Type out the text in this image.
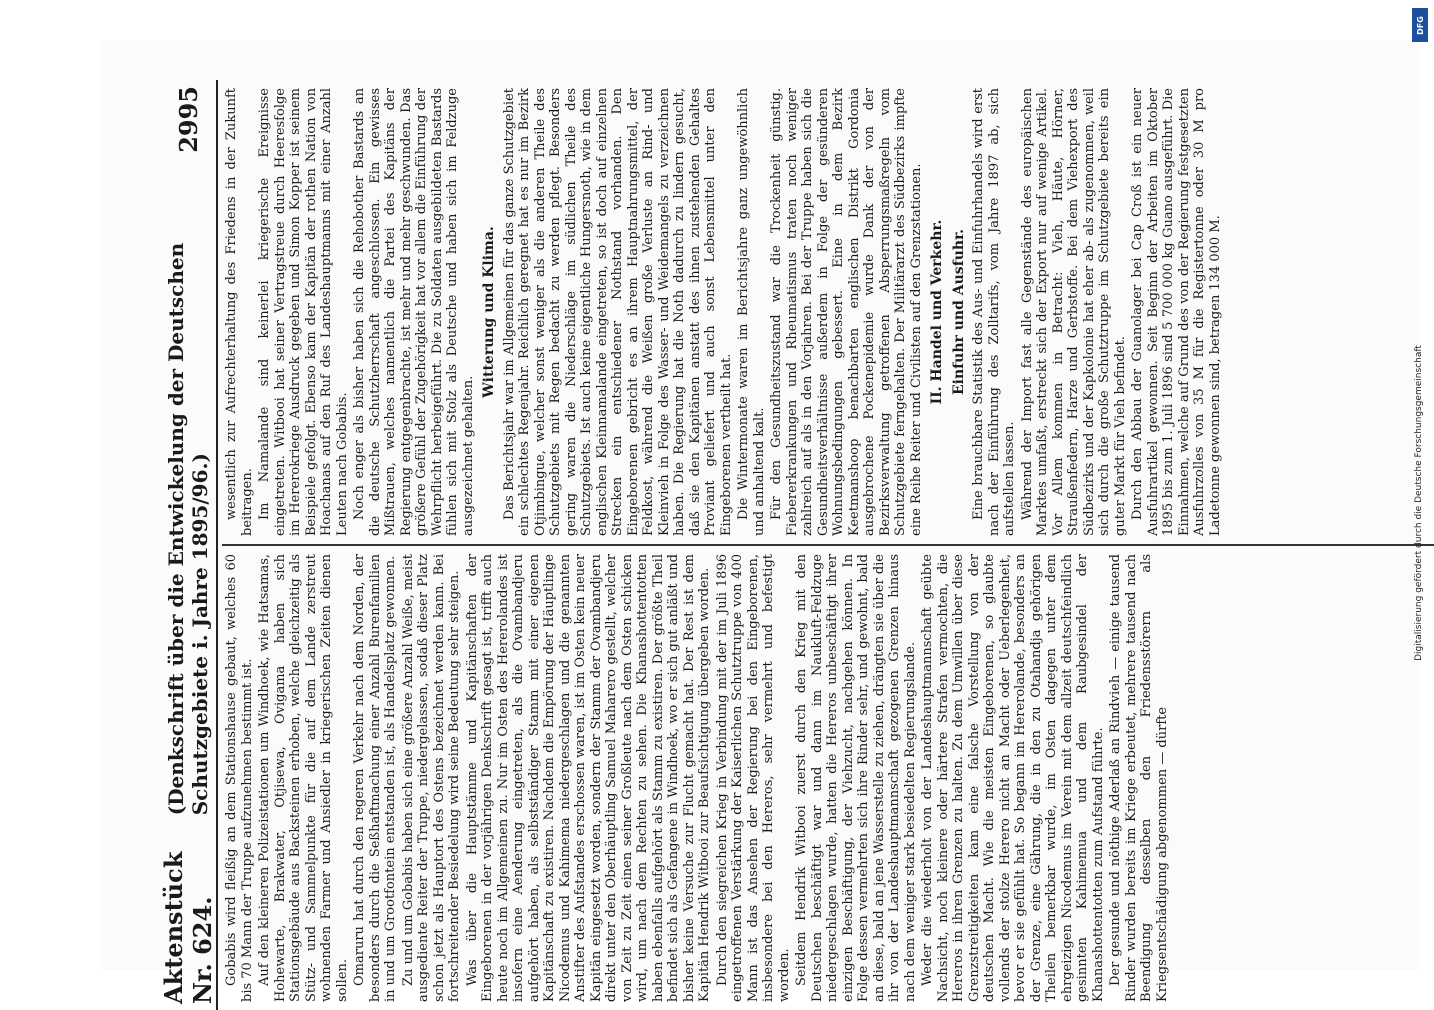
Aktenstück Nr. 624.
(Denkschrift über die Entwickelung der Deutschen Schutzgebiete i. Jahre 1895/96.)
2995

Gobabis wird fleißig an dem Stationshause gebaut, welches 60 bis 70 Mann der Truppe aufzunehmen bestimmt ist. Auf den kleineren Polizeistationen um Windhoek, wie Hatsamas, Hohewarte, Brakwater, Otjisewa, Ovigama haben sich Stationsgebäude aus Backsteinen erhoben, welche gleichzeitig als Stütz- und Sammelpunkte für die auf dem Lande zerstreut wohnenden Farmer und Ansiedler in kriegerischen Zeiten dienen sollen. Omaruru hat durch den regeren Verkehr nach dem Norden, der besonders durch die Seßhaftmachung einer Anzahl Burenfamilien in und um Grootfontein entstanden ist, als Handelsplatz gewonnen. Zu und um Gobabis haben sich eine größere Anzahl Weiße, meist ausgediente Reiter der Truppe, niedergelassen, sodaß dieser Platz schon jetzt als Hauptort des Ostens bezeichnet werden kann. Bei fortschreitender Besiedelung wird seine Bedeutung sehr steigen. Was über die Hauptstämme und Kapitänschaften der Eingeborenen in der vorjährigen Denkschrift gesagt ist, trifft auch heute noch im Allgemeinen zu. Nur im Osten des Hererolandes ist insofern eine Aenderung eingetreten, als die Ovambandjeru aufgehört haben, als selbstständiger Stamm mit einer eigenen Kapitänschaft zu existiren. Nachdem die Empörung der Häuptlinge Nicodemus und Kahimema niedergeschlagen und die genannten Anstifter des Aufstandes erschossen waren, ist im Osten kein neuer Kapitän eingesetzt worden, sondern der Stamm der Ovambandjeru direkt unter den Oberhäuptling Samuel Maharero gestellt, welcher von Zeit zu Zeit einen seiner Großleute nach dem Osten schicken wird, um nach dem Rechten zu sehen. Die Khanashottentotten haben ebenfalls aufgehört als Stamm zu existiren. Der größte Theil befindet sich als Gefangene in Windhoek, wo er sich gut anläßt und bisher keine Versuche zur Flucht gemacht hat. Der Rest ist dem Kapitän Hendrik Witbooi zur Beaufsichtigung übergeben worden. Durch den siegreichen Krieg in Verbindung mit der im Juli 1896 eingetroffenen Verstärkung der Kaiserlichen Schutztruppe von 400 Mann ist das Ansehen der Regierung bei den Eingeborenen, insbesondere bei den Hereros, sehr vermehrt und befestigt worden. Seitdem Hendrik Witbooi zuerst durch den Krieg mit den Deutschen beschäftigt war und dann im Naukluft-Feldzuge niedergeschlagen wurde, hatten die Hereros unbeschäftigt ihrer einzigen Beschäftigung, der Viehzucht, nachgehen können. In Folge dessen vermehrten sich ihre Rinder sehr, und gewohnt, bald an diese, bald an jene Wasserstelle zu ziehen, drängten sie über die ihr von der Landeshauptmannschaft gezogenen Grenzen hinaus nach dem weniger stark besiedelten Regierungslande. Weder die wiederholt von der Landeshauptmannschaft geübte Nachsicht, noch kleinere oder härtere Strafen vermochten, die Hereros in ihren Grenzen zu halten. Zu dem Umwillen über diese Grenzstreitigkeiten kam eine falsche Vorstellung von der deutschen Macht. Wie die meisten Eingeborenen, so glaubte vollends der stolze Herero nicht an Macht oder Ueberlegenheit, bevor er sie gefühlt hat. So begann im Hererolande, besonders an der Grenze, eine Gährung, die in den zu Otahandja gehörigen Theilen bemerkbar wurde, im Osten dagegen unter dem ehrgeizigen Nicodemus im Verein mit dem allzeit deutschfeindlich gesinnten Kahimemua und dem Raubgesindel der Khanashottentotten zum Aufstand führte. Der gesunde und nöthige Aderlaß an Rindvieh — einige tausend Rinder wurden bereits im Kriege erbeutet, mehrere tausend nach Beendigung desselben den Friedensstörern als Kriegsentschädigung abgenommen — dürfte

wesentlich zur Aufrechterhaltung des Friedens in der Zukunft beitragen. Im Namalande sind keinerlei kriegerische Ereignisse eingetreten. Witbooi hat seiner Vertragstreue durch Heeresfolge im Hererokriege Ausdruck gegeben und Simon Kopper ist seinem Beispiele gefolgt. Ebenso kam der Kapitän der rothen Nation von Hoachanas auf den Ruf des Landeshauptmanns mit einer Anzahl Leuten nach Gobabis. Noch enger als bisher haben sich die Rehobother Bastards an die deutsche Schutzherrschaft angeschlossen. Ein gewisses Mißtrauen, welches namentlich die Partei des Kapitäns der Regierung entgegenbrachte, ist mehr und mehr geschwunden. Das größere Gefühl der Zugehörigkeit hat vor allem die Einführung der Wehrpflicht herbeigeführt. Die zu Soldaten ausgebildeten Bastards fühlen sich mit Stolz als Deutsche und haben sich im Feldzuge ausgezeichnet gehalten.

Witterung und Klima. Das Berichtsjahr war im Allgemeinen für das ganze Schutzgebiet ein schlechtes Regenjahr. Reichlich geregnet hat es nur im Bezirk Otjimbingue, welcher sonst weniger als die anderen Theile des Schutzgebiets mit Regen bedacht zu werden pflegt. Besonders gering waren die Niederschläge im südlichen Theile des Schutzgebiets. Ist auch keine eigentliche Hungersnoth, wie in dem englischen Kleinnamalande eingetreten, so ist doch auf einzelnen Strecken ein entschiedener Nothstand vorhanden. Den Eingeborenen gebricht es an ihrem Hauptnahrungsmittel, der Feldkost, während die Weißen große Verluste an Rind- und Kleinvieh in Folge des Wasser- und Weidemangels zu verzeichnen haben. Die Regierung hat die Noth dadurch zu lindern gesucht, daß sie den Kapitänen anstatt des ihnen zustehenden Gehaltes Proviant geliefert und auch sonst Lebensmittel unter den Eingeborenen vertheilt hat. Die Wintermonate waren im Berichtsjahre ganz ungewöhnlich und anhaltend kalt. Für den Gesundheitszustand war die Trockenheit günstig. Fiebererkrankungen und Rheumatismus traten noch weniger zahlreich auf als in den Vorjahren. Bei der Truppe haben sich die Gesundheitsverhältnisse außerdem in Folge der gesünderen Wohnungsbedingungen gebessert. Eine in dem Bezirk Keetmanshoop benachbarten englischen Distrikt Gordonia ausgebrochene Pockenepidemie wurde Dank der von der Bezirksverwaltung getroffenen Absperrungsmaßregeln vom Schutzgebiete ferngehalten. Der Militärarzt des Südbezirks impfte eine Reihe Reiter und Civilisten auf den Grenzstationen. II. Handel und Verkehr. Einfuhr und Ausfuhr. Eine brauchbare Statistik des Aus- und Einfuhrhandels wird erst nach der Einführung des Zolltarifs, vom Jahre 1897 ab, sich aufstellen lassen. Während der Import fast alle Gegenstände des europäischen Marktes umfaßt, erstreckt sich der Export nur auf wenige Artikel. Vor Allem kommen in Betracht: Vieh, Häute, Hörner, Straußenfedern, Harze und Gerbstoffe. Bei dem Viehexport des Südbezirks und der Kapkolonie hat eher ab- als zugenommen, weil sich durch die große Schutztruppe im Schutzgebiete bereits ein guter Markt für Vieh befindet. Durch den Abbau der Guanolager bei Cap Croß ist ein neuer Ausfuhrartikel gewonnen. Seit Beginn der Arbeiten im Oktober 1895 bis zum 1. Juli 1896 sind 5 700 000 kg Guano ausgeführt. Die Einnahmen, welche auf Grund des von der Regierung festgesetzten Ausfuhrzolles von 35 M für die Registertonne oder 30 M pro Ladetonne gewonnen sind, betragen 134 000 M.

DFG
Digitalisierung gefördert durch die Deutsche Forschungsgemeinschaft
